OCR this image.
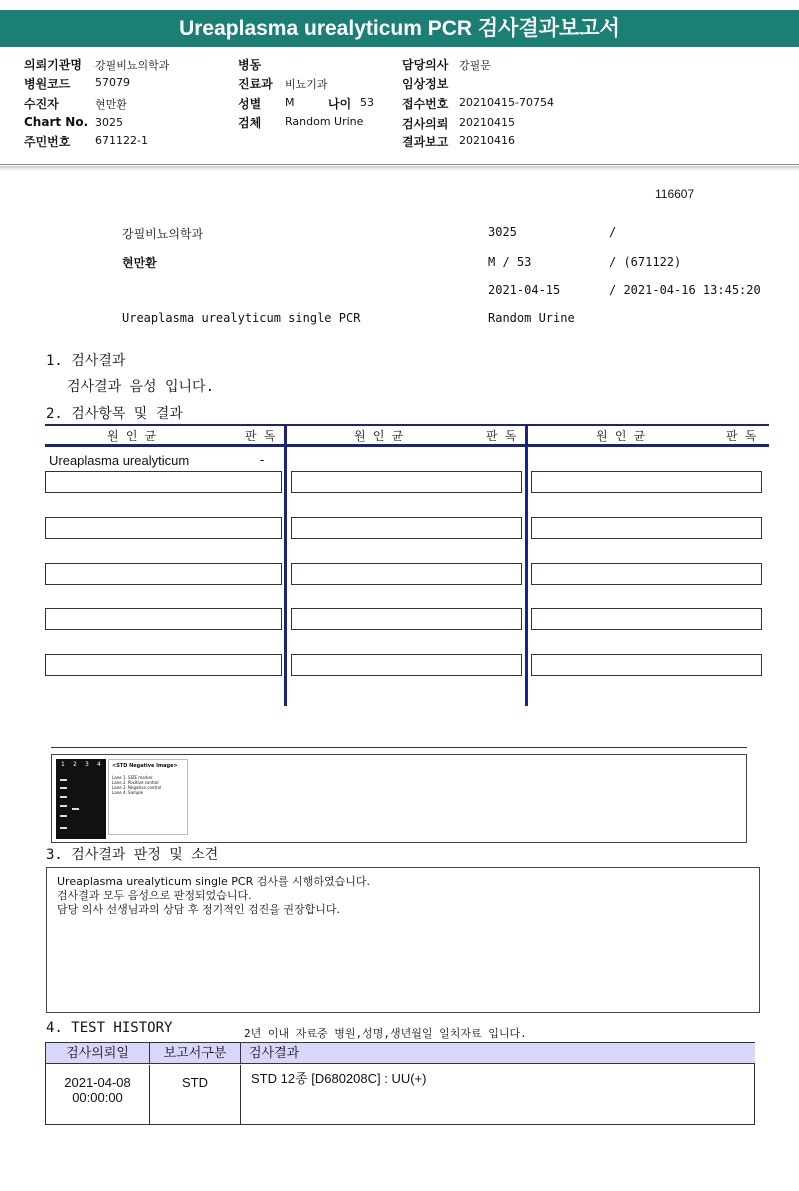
Ureaplasma urealyticum PCR 검사결과보고서
의뢰기관명 강필비뇨의학과
병원코드 57079
수진자	현만환
Chart No. 3025
주민번호 671122-1
병동
진료과 비뇨기과
성별 M	나이 53
검체 Random Urine
담당의사 강필문
임상정보
접수번호 20210415-70754
검사의뢰 20210415
결과보고 20210416
116607
강필비뇨의학과	3025	/
현만환	M / 53	/ (671122)
2021-04-15	/ 2021-04-16 13:45:20
Ureaplasma urealyticum single PCR	Random Urine
1. 검사결과
검사결과 음성 입니다.
2. 검사항목 및 결과
원 인 균	판 독	원 인 균	판 독	원 인 균	판 독
Ureaplasma urealyticum	-
1 2 3 4 <STD Negative Image>
Lane 1. SIZE marker
Lane 2. Positive control
Lane 3. Negative control
Lane 4. Sample
3. 검사결과 판정 및 소견
Ureaplasma urealyticum single PCR 검사를 시행하였습니다.
검사결과 모두 음성으로 판정되었습니다.
담당 의사 선생님과의 상담 후 정기적인 검진을 권장합니다.
4. TEST HISTORY	2년 이내 자료중 병원,성명,생년월일 일치자료 입니다.
검사의뢰일	보고서구분	검사결과
2021-04-08
00:00:00
STD	STD 12종 [D680208C] : UU(+)
